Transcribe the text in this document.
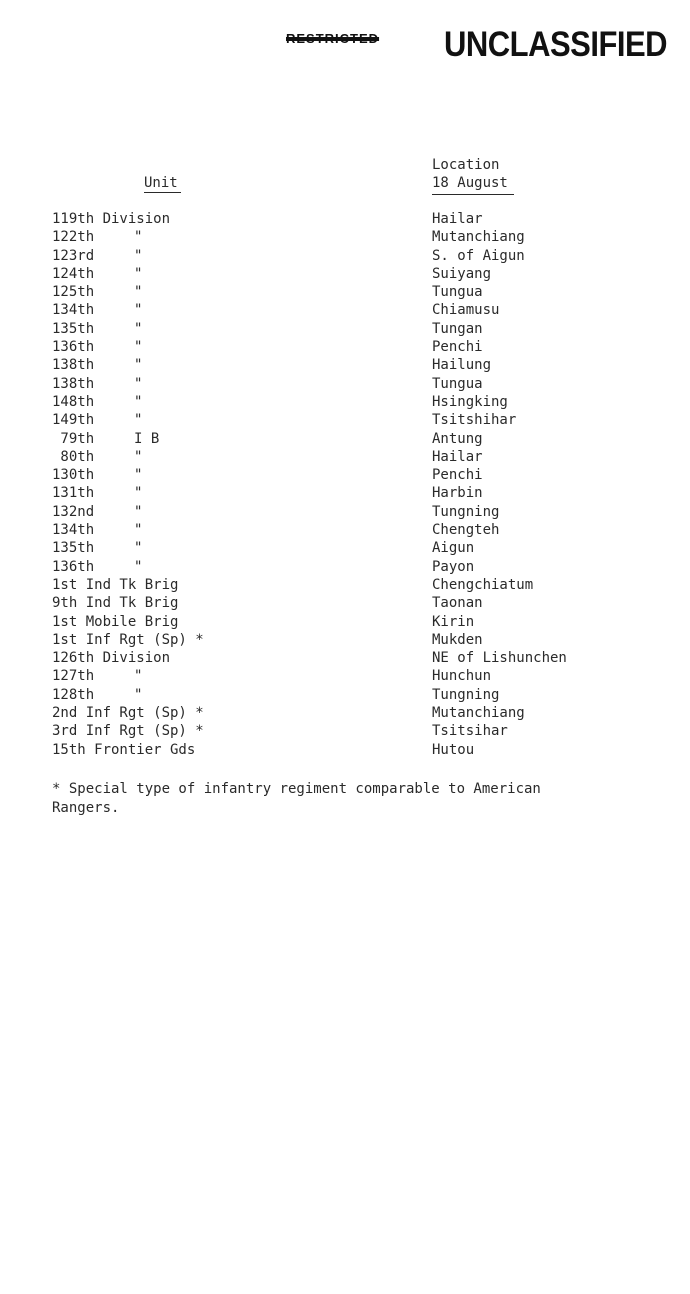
RESTRICTED UNCLASSIFIED
Unit
Location
18 August
119th Division	Hailar
122th	"	Mutanchiang
123rd	"	S. of Aigun
124th	"	Suiyang
125th	"	Tungua
134th	"	Chiamusu
135th	"	Tungan
136th	"	Penchi
138th	"	Hailung
138th	"	Tungua
148th	"	Hsingking
149th	"	Tsitshihar
79th	I B	Antung
80th	"	Hailar
130th	"	Penchi
131th	"	Harbin
132nd	"	Tungning
134th	"	Chengteh
135th	"	Aigun
136th	"	Payon
1st Ind Tk Brig	Chengchiatum
9th Ind Tk Brig	Taonan
1st Mobile Brig	Kirin
1st Inf Rgt (Sp) *	Mukden
126th Division	NE of Lishunchen
127th	"	Hunchun
128th	"	Tungning
2nd Inf Rgt (Sp) *	Mutanchiang
3rd Inf Rgt (Sp) *	Tsitsihar
15th Frontier Gds	Hutou
* Special type of infantry regiment comparable to American
Rangers.
